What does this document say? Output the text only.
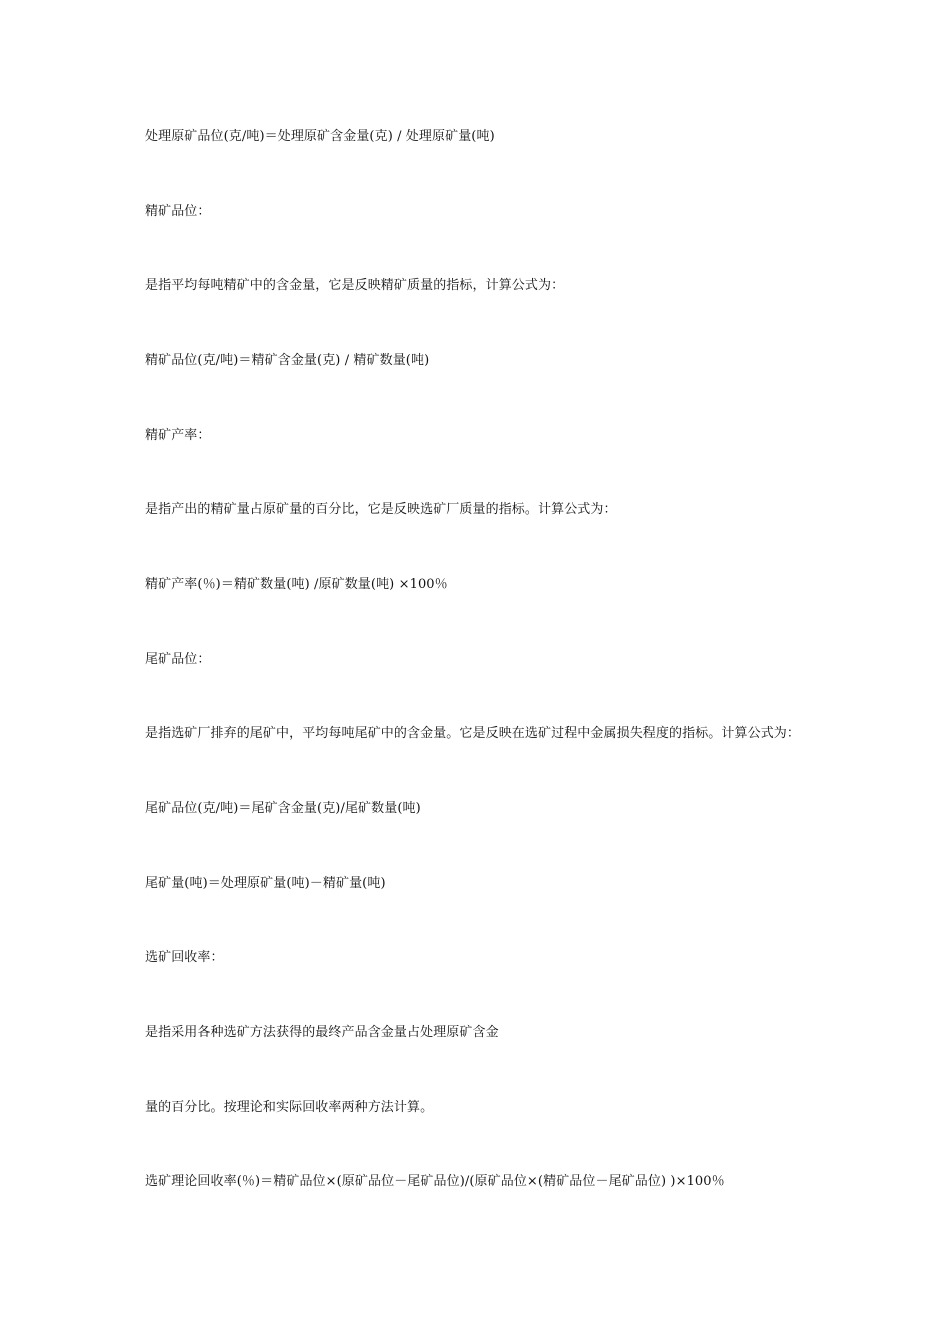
处理原矿品位(克/吨)＝处理原矿含金量(克) / 处理原矿量(吨)
精矿品位：
是指平均每吨精矿中的含金量，它是反映精矿质量的指标，计算公式为：
精矿品位(克/吨)＝精矿含金量(克) / 精矿数量(吨)
精矿产率：
是指产出的精矿量占原矿量的百分比，它是反映选矿厂质量的指标。计算公式为：
精矿产率(％)＝精矿数量(吨) /原矿数量(吨) ×100％
尾矿品位：
是指选矿厂排弃的尾矿中，平均每吨尾矿中的含金量。它是反映在选矿过程中金属损失程度的指标。计算公式为：
尾矿品位(克/吨)＝尾矿含金量(克)/尾矿数量(吨)
尾矿量(吨)＝处理原矿量(吨)－精矿量(吨)
选矿回收率：
是指采用各种选矿方法获得的最终产品含金量占处理原矿含金
量的百分比。按理论和实际回收率两种方法计算。
选矿理论回收率(％)＝精矿品位×(原矿品位－尾矿品位)/(原矿品位×(精矿品位－尾矿品位) )×100％
